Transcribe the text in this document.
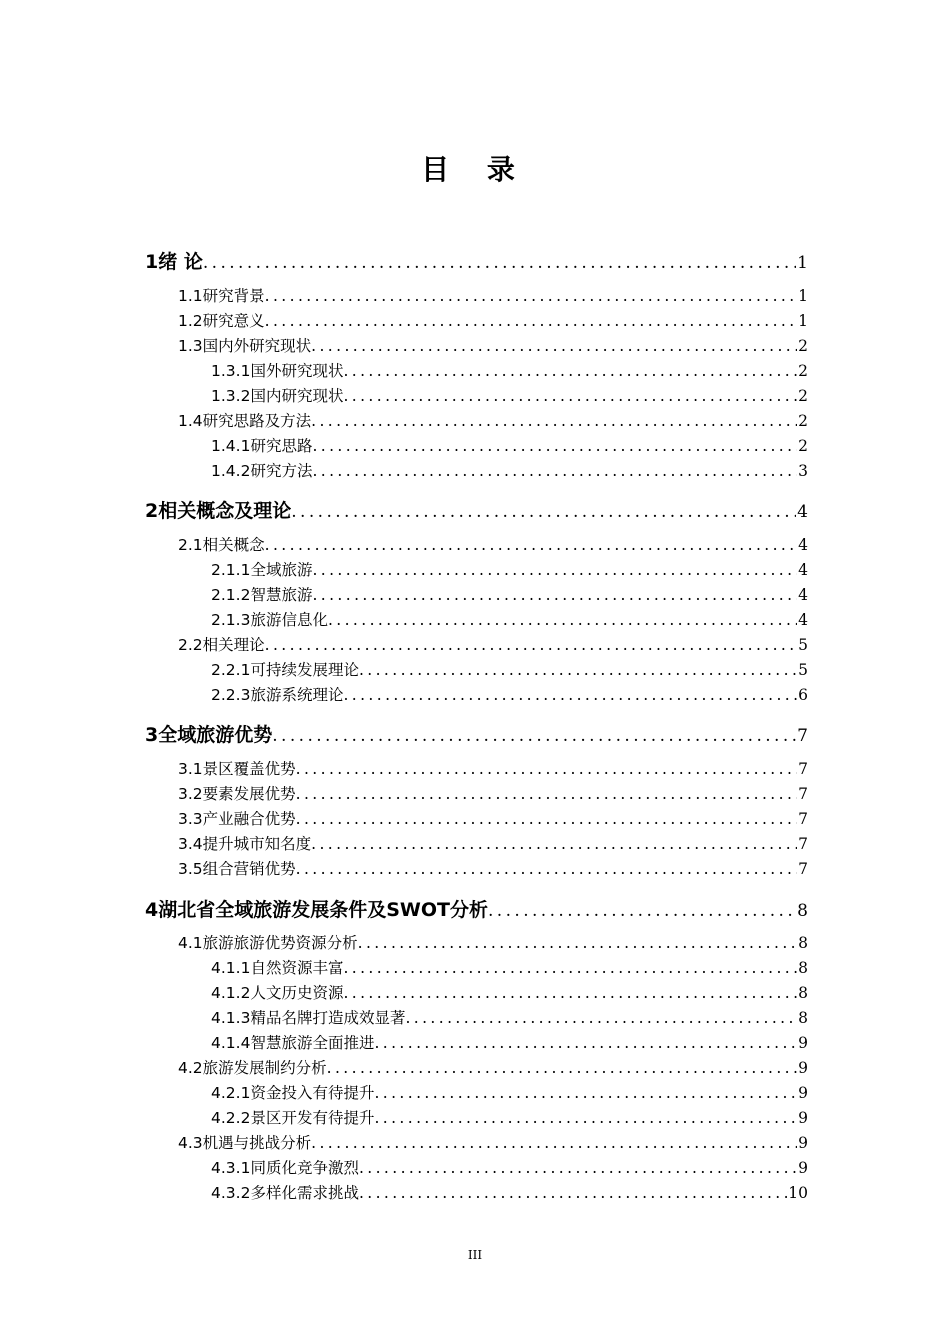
目 录
1绪 论 .....	1
1.1研究背景 .....	1
1.2研究意义 .....	1
1.3国内外研究现状 .....	2
1.3.1国外研究现状 .....	2
1.3.2国内研究现状 .....	2
1.4研究思路及方法 .....	2
1.4.1研究思路 .....	2
1.4.2研究方法 .....	3
2相关概念及理论 .....	4
2.1相关概念 .....	4
2.1.1全域旅游 .....	4
2.1.2智慧旅游 .....	4
2.1.3旅游信息化 .....	4
2.2相关理论 .....	5
2.2.1可持续发展理论 .....	5
2.2.3旅游系统理论 .....	6
3全域旅游优势 .....	7
3.1景区覆盖优势 .....	7
3.2要素发展优势 .....	7
3.3产业融合优势 .....	7
3.4提升城市知名度 .....	7
3.5组合营销优势 .....	7
4湖北省全域旅游发展条件及SWOT分析 .....	8
4.1旅游旅游优势资源分析 .....	8
4.1.1自然资源丰富 .....	8
4.1.2人文历史资源 .....	8
4.1.3精品名牌打造成效显著 .....	8
4.1.4智慧旅游全面推进 .....	9
4.2旅游发展制约分析 .....	9
4.2.1资金投入有待提升 .....	9
4.2.2景区开发有待提升 .....	9
4.3机遇与挑战分析 .....	9
4.3.1同质化竞争激烈 .....	9
4.3.2多样化需求挑战 .....	10
III
